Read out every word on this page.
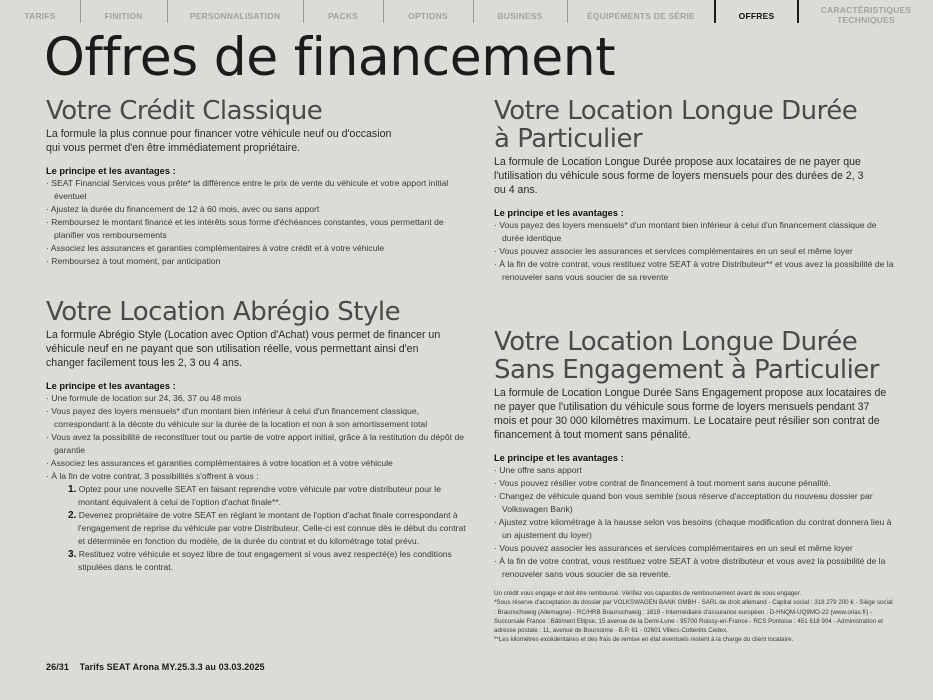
TARIFS	FINITION	PERSONNALISATION	PACKS	OPTIONS	BUSINESS	ÉQUIPEMENTS DE SÉRIE	OFFRES
CARACTÉRISTIQUES TECHNIQUES
Offres de financement
Votre Crédit Classique

La formule la plus connue pour financer votre véhicule neuf ou d'occasion qui vous permet d'en être immédiatement propriétaire.

Le principe et les avantages :

· SEAT Financial Services vous prête* la différence entre le prix de vente du véhicule et votre apport initial éventuel
· Ajustez la durée du financement de 12 à 60 mois, avec ou sans apport
· Remboursez le montant financé et les intérêts sous forme d'échéances constantes, vous permettant de planifier vos remboursements
· Associez les assurances et garanties complémentaires à votre crédit et à votre véhicule
· Remboursez à tout moment, par anticipation
Votre Location Abrégio Style

La formule Abrégio Style (Location avec Option d'Achat) vous permet de financer un véhicule neuf en ne payant que son utilisation réelle, vous permettant ainsi d'en changer facilement tous les 2, 3 ou 4 ans.

Le principe et les avantages :

· Une formule de location sur 24, 36, 37 ou 48 mois
· Vous payez des loyers mensuels* d'un montant bien inférieur à celui d'un financement classique, correspondant à la décote du véhicule sur la durée de la location et non à son amortissement total
· Vous avez la possibilité de reconstituer tout ou partie de votre apport initial, grâce à la restitution du dépôt de garantie
· Associez les assurances et garanties complémentaires à votre location et à votre véhicule
· À la fin de votre contrat, 3 possibilités s'offrent à vous :
1. Optez pour une nouvelle SEAT en faisant reprendre votre véhicule par votre distributeur pour le montant équivalent à celui de l'option d'achat finale**.
2. Devenez propriétaire de votre SEAT en réglant le montant de l'option d'achat finale correspondant à l'engagement de reprise du véhicule par votre Distributeur. Celle-ci est connue dès le début du contrat et déterminée en fonction du modèle, de la durée du contrat et du kilométrage total prévu.
3. Restituez votre véhicule et soyez libre de tout engagement si vous avez respecté(e) les conditions stipulées dans le contrat.
Votre Location Longue Durée
à Particulier

La formule de Location Longue Durée propose aux locataires de ne payer que l'utilisation du véhicule sous forme de loyers mensuels pour des durées de 2, 3 ou 4 ans.

Le principe et les avantages :

· Vous payez des loyers mensuels* d'un montant bien inférieur à celui d'un financement classique de durée identique
· Vous pouvez associer les assurances et services complémentaires en un seul et même loyer
· À la fin de votre contrat, vous restituez votre SEAT à votre Distributeur** et vous avez la possibilité de la renouveler sans vous soucier de sa revente
Votre Location Longue Durée
Sans Engagement à Particulier

La formule de Location Longue Durée Sans Engagement propose aux locataires de ne payer que l'utilisation du véhicule sous forme de loyers mensuels pendant 37 mois et pour 30 000 kilomètres maximum. Le Locataire peut résilier son contrat de financement à tout moment sans pénalité.

Le principe et les avantages :

· Une offre sans apport
· Vous pouvez résilier votre contrat de financement à tout moment sans aucune pénalité.
· Changez de véhicule quand bon vous semble (sous réserve d'acceptation du nouveau dossier par Volkswagen Bank)
· Ajustez votre kilométrage à la hausse selon vos besoins (chaque modification du contrat donnera lieu à un ajustement du loyer)
· Vous pouvez associer les assurances et services complémentaires en un seul et même loyer
· À la fin de votre contrat, vous restituez votre SEAT à votre distributeur et vous avez la possibilité de la renouveler sans vous soucier de sa revente.
Un crédit vous engage et doit être remboursé. Vérifiez vos capacités de remboursement avant de vous engager.
*Sous réserve d'acceptation du dossier par VOLKSWAGEN BANK GMBH - SARL de droit allemand - Capital social : 318 279 200 € - Siège social : Braunschweig (Allemagne) - RC/HRB Braunschweig : 1819 - Intermédiaire d'assurance européen : D-HNQM-UQ9MO-22 (www.orias.fr) - Succursale France : Bâtiment Ellipse, 15 avenue de la Demi-Lune - 95700 Roissy-en-France - RCS Pontoise : 451 618 904 - Administration et adresse postale : 11, avenue de Boursonne - B.P. 61 - 02601 Villers-Cotterêts Cedex.
**Les kilomètres excédentaires et des frais de remise en état éventuels restent à la charge du client locataire.
26/31 Tarifs SEAT Arona MY.25.3.3 au 03.03.2025
